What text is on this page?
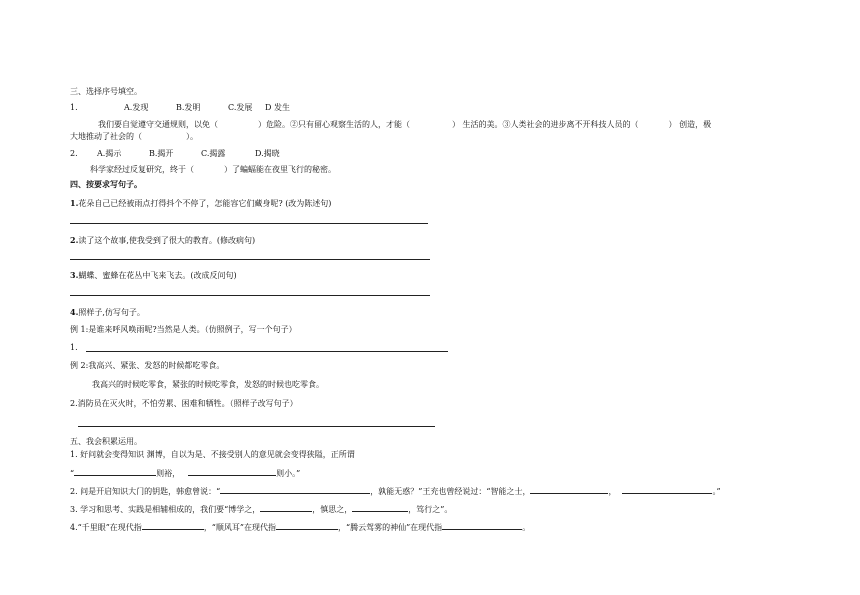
三、选择序号填空。
1.	A.发现	B.发明	C.发展 D 发生
我们要自觉遵守交通规则，以免（	）危险。②只有留心观察生活的人，才能（	） 生活的美。③人类社会的进步离不开科技人员的（	） 创造，极
大地推动了社会的（	）。
2. A.揭示	B.揭开	C.揭露	D.揭晓
科学家经过反复研究，终于（	）了蝙蝠能在夜里飞行的秘密。
四、按要求写句子。
1.花朵自己已经被雨点打得抖个不停了，怎能容它们藏身呢? (改为陈述句)
2.读了这个故事,使我受到了很大的教育。(修改病句)
3.蝴蝶、蜜蜂在花丛中飞来飞去。(改成反问句)
4.照样子,仿写句子。
例 1:是谁来呼风唤雨呢?当然是人类。（仿照例子，写一个句子）
1.
例 2:我高兴、紧张、发怒的时候都吃零食。
我高兴的时候吃零食，紧张的时候吃零食，发怒的时候也吃零食。
2.消防员在灭火时，不怕劳累、困难和牺牲。（照样子改写句子）
五、我会积累运用。
1. 好问就会变得知识 渊博，自以为是、不接受别人的意见就会变得狭隘，正所谓
“	则裕，	则小。”
2. 问是开启知识大门的钥匙，韩愈曾说：“	，孰能无惑？”王充也曾经说过：“智能之士，	，	。”
3. 学习和思考、实践是相辅相成的，我们要“博学之，	，慎思之，	，笃行之”。
4.“千里眼”在现代指	，“顺风耳”在现代指	，“腾云驾雾的神仙”在现代指	。
